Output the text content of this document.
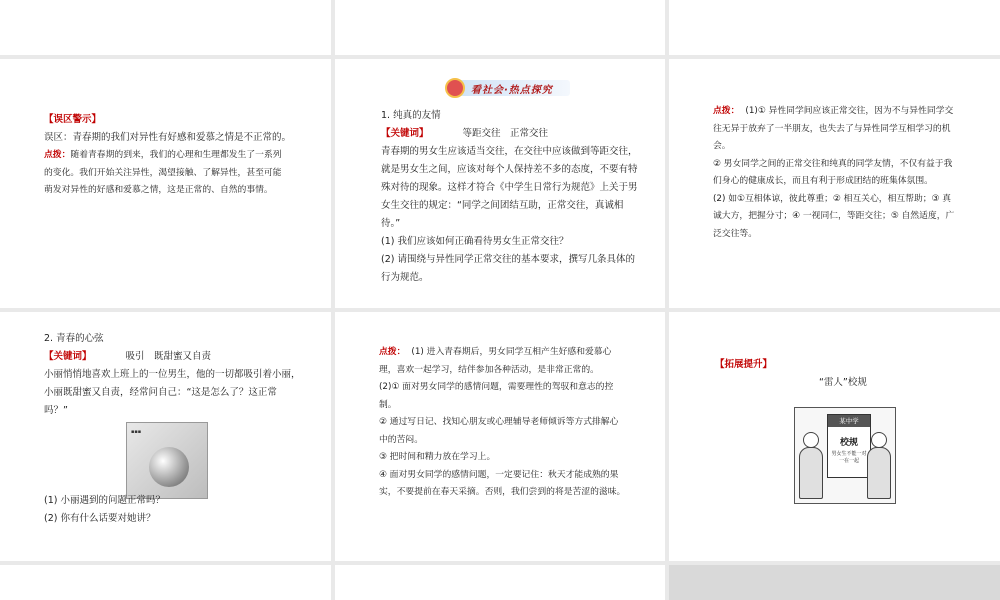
【误区警示】
误区：青春期的我们对异性有好感和爱慕之情是不正常的。
点拨：随着青春期的到来，我们的心理和生理都发生了一系列
的变化。我们开始关注异性，渴望接触、了解异性，甚至可能
萌发对异性的好感和爱慕之情，这是正常的、自然的事情。
看社会·热点探究
1. 纯真的友情
【关键词】	等距交往　正常交往
青春期的男女生应该适当交往，在交往中应该做到等距交往，
就是男女生之间，应该对每个人保持差不多的态度，不要有特
殊对待的现象。这样才符合《中学生日常行为规范》上关于男
女生交往的规定：“同学之间团结互助，正常交往，真诚相
待。”
(1) 我们应该如何正确看待男女生正常交往？
(2) 请围绕与异性同学正常交往的基本要求，撰写几条具体的
行为规范。
点拨： (1)① 异性同学间应该正常交往，因为不与异性同学交
往无异于放弃了一半朋友，也失去了与异性同学互相学习的机
会。
② 男女同学之间的正常交往和纯真的同学友情，不仅有益于我
们身心的健康成长，而且有利于形成团结的班集体氛围。
(2) 如①互相体谅，彼此尊重；② 相互关心，相互帮助；③ 真
诚大方，把握分寸；④ 一视同仁，等距交往；⑤ 自然适度，广
泛交往等。
2. 青春的心弦
【关键词】	吸引　既甜蜜又自责
小丽悄悄地喜欢上班上的一位男生，他的一切都吸引着小丽，
小丽既甜蜜又自责，经常问自己：“这是怎么了？这正常
吗？”
▪▪▪
(1) 小丽遇到的问题正常吗？
(2) 你有什么话要对她讲？
点拨： (1) 进入青春期后，男女同学互相产生好感和爱慕心
理，喜欢一起学习，结伴参加各种活动，是非常正常的。
(2)① 面对男女同学的感情问题，需要理性的驾驭和意志的控
制。
② 通过写日记、找知心朋友或心理辅导老师倾诉等方式排解心
中的苦闷。
③ 把时间和精力放在学习上。
④ 面对男女同学的感情问题，一定要记住：秋天才能成熟的果
实，不要提前在春天采摘。否则，我们尝到的将是苦涩的滋味。
【拓展提升】
“雷人”校规
某中学
校规
男女生不能一对一在一起
